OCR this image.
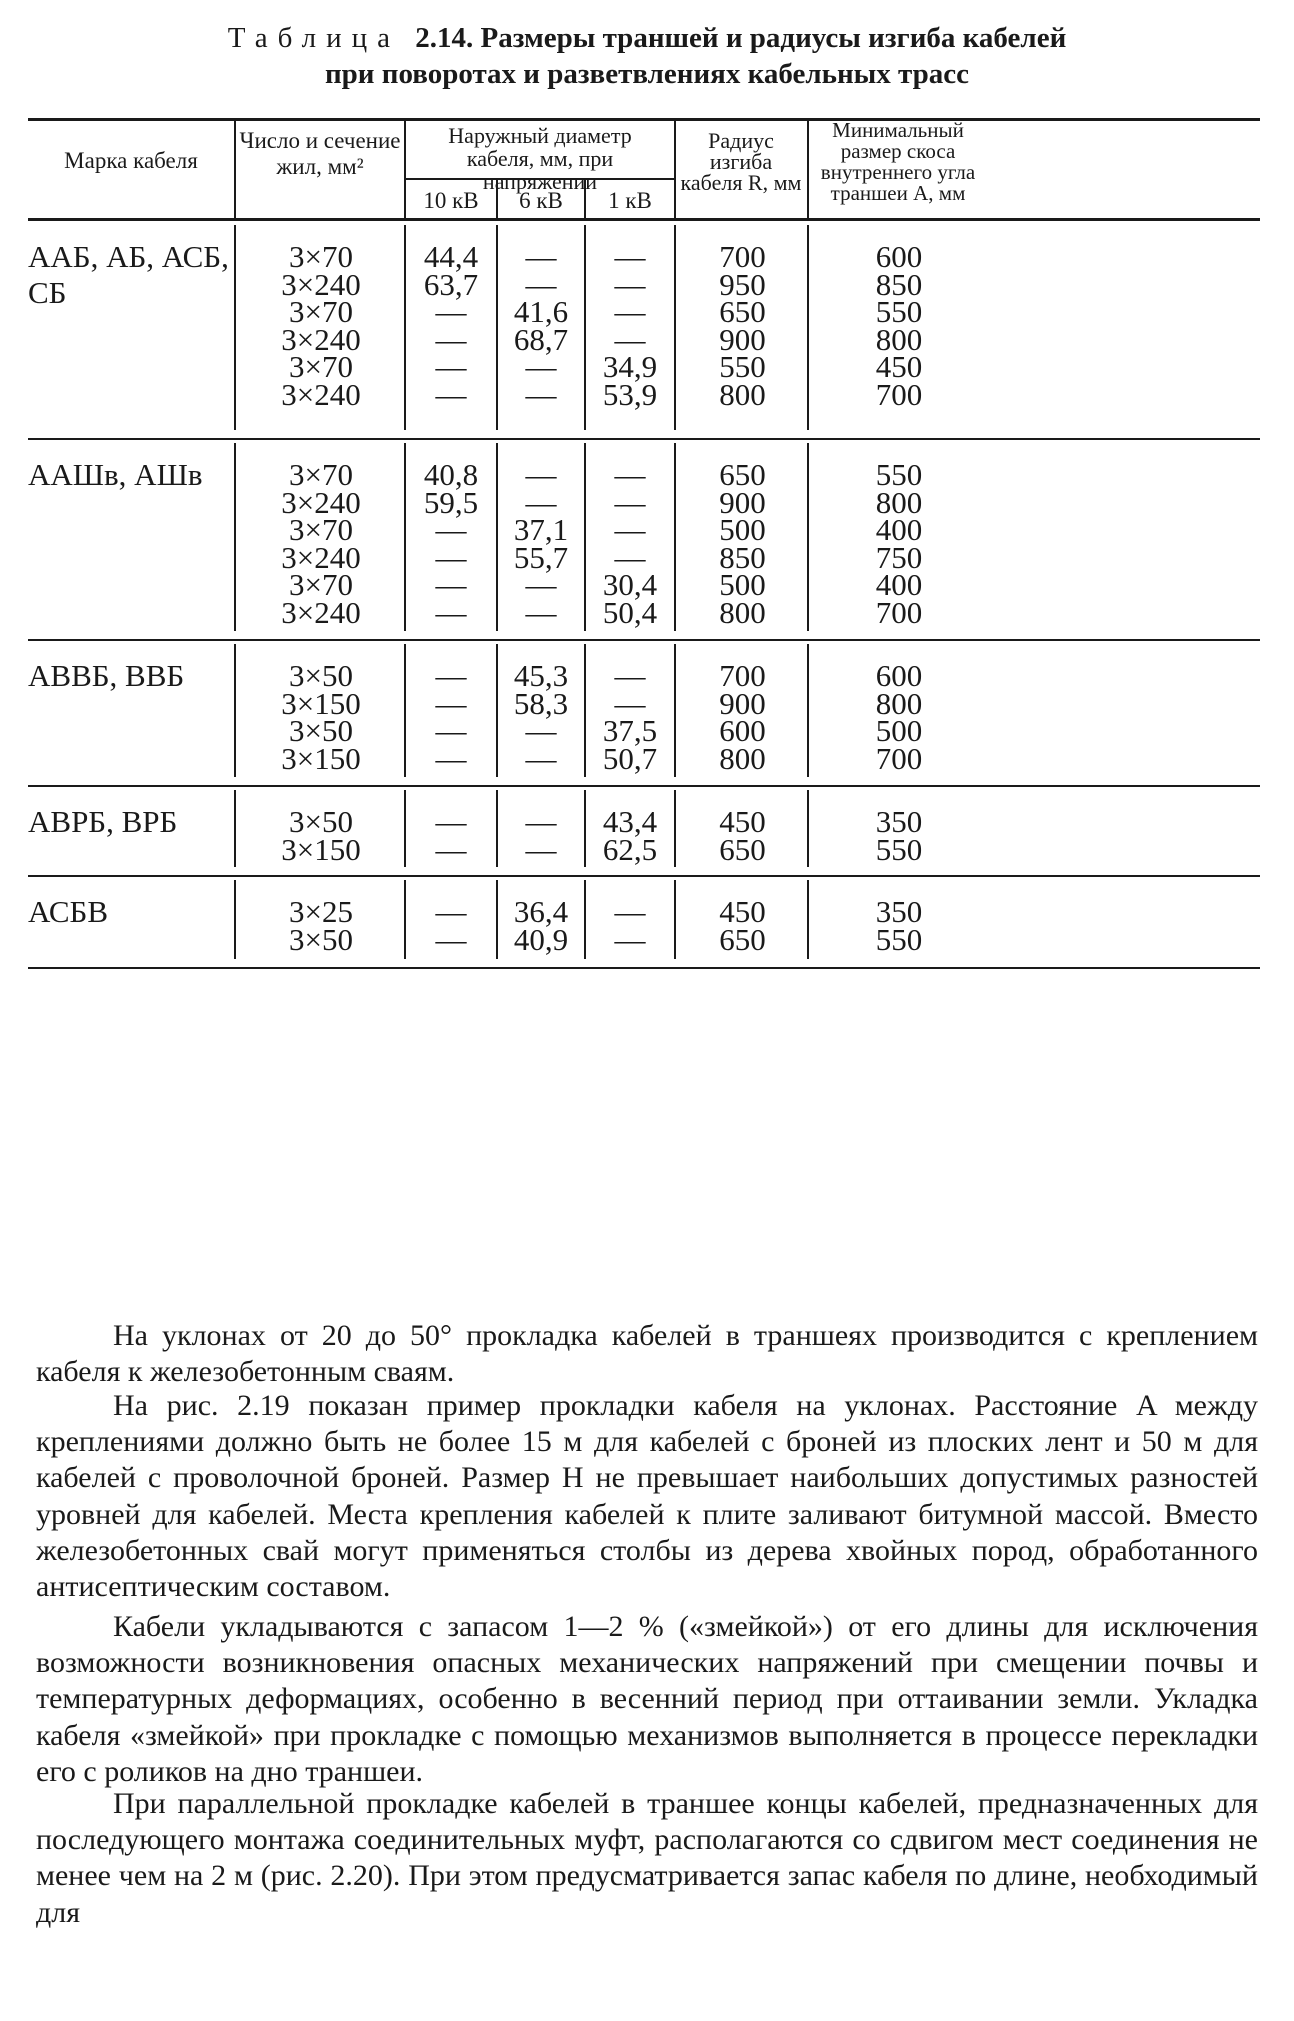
Таблица 2.14. Размеры траншей и радиусы изгиба кабелей
при поворотах и разветвлениях кабельных трасс
Марка кабеля
Число и сечение жил, мм²
Наружный диаметр кабеля, мм, при напряжении
10 кВ	6 кВ	1 кВ
Радиус изгиба кабеля R, мм
Минимальный размер скоса внутреннего угла траншеи A, мм
ААБ, АБ, АСБ, СБ
3×70	44,4	—	—	700	600
3×240	63,7	—	—	950	850
3×70	—	41,6	—	650	550
3×240	—	68,7	—	900	800
3×70	—	—	34,9	550	450
3×240	—	—	53,9	800	700
ААШв, АШв	3×70	40,8	—	—	650	550
3×240	59,5	—	—	900	800
3×70	—	37,1	—	500	400
3×240	—	55,7	—	850	750
3×70	—	—	30,4	500	400
3×240	—	—	50,4	800	700
АВВБ, ВВБ	3×50	—	45,3	—	700	600
3×150	—	58,3	—	900	800
3×50	—	—	37,5	600	500
3×150	—	—	50,7	800	700
АВРБ, ВРБ	3×50	—	—	43,4	450	350
3×150	—	—	62,5	650	550
АСБВ	3×25	—	36,4	—	450	350
3×50	—	40,9	—	650	550
На уклонах от 20 до 50° прокладка кабелей в траншеях производится с креплением кабеля к железобетонным сваям.
На рис. 2.19 показан пример прокладки кабеля на уклонах. Расстояние A между креплениями должно быть не более 15 м для кабелей с броней из плоских лент и 50 м для кабелей с проволочной броней. Размер H не превышает наибольших допустимых разностей уровней для кабелей. Места крепления кабелей к плите заливают битумной массой. Вместо железобетонных свай могут применяться столбы из дерева хвойных пород, обработанного антисептическим составом.
Кабели укладываются с запасом 1—2 % («змейкой») от его длины для исключения возможности возникновения опасных механических напряжений при смещении почвы и температурных деформациях, особенно в весенний период при оттаивании земли. Укладка кабеля «змейкой» при прокладке с помощью механизмов выполняется в процессе перекладки его с роликов на дно траншеи.
При параллельной прокладке кабелей в траншее концы кабелей, предназначенных для последующего монтажа соединительных муфт, располагаются со сдвигом мест соединения не менее чем на 2 м (рис. 2.20). При этом предусматривается запас кабеля по длине, необходимый для
